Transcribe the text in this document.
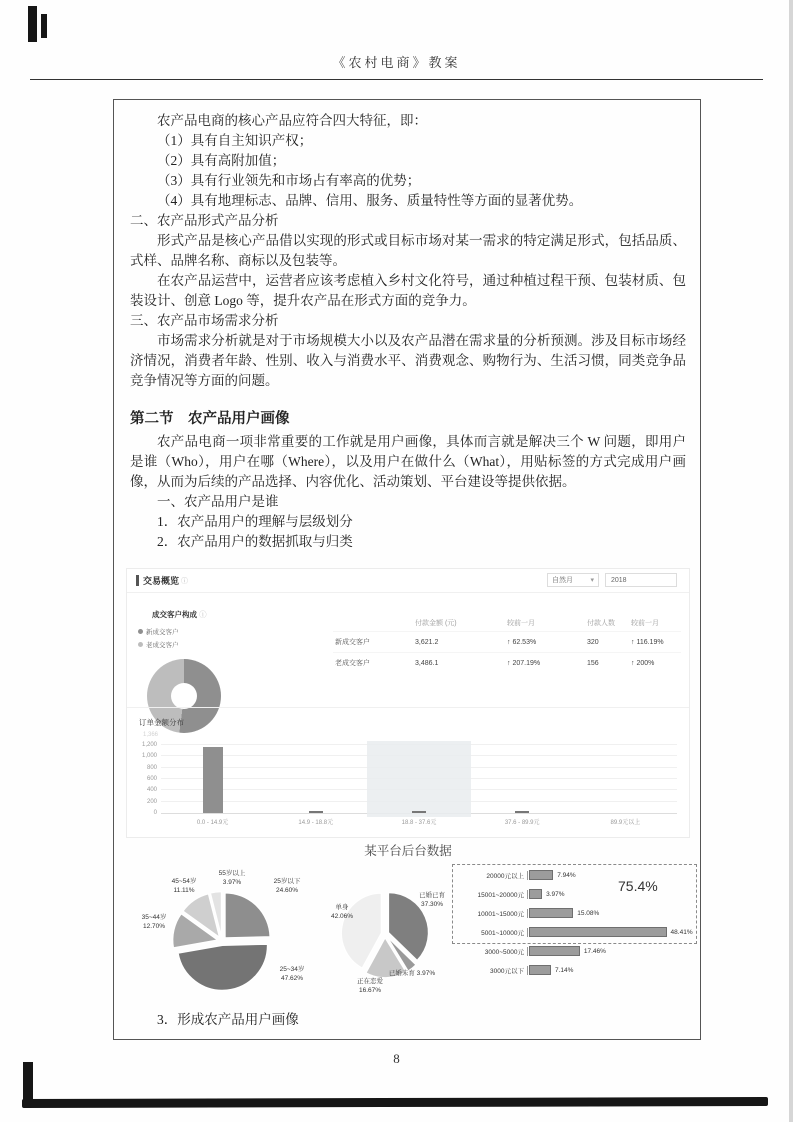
《农村电商》教案

农产品电商的核心产品应符合四大特征，即：

（1）具有自主知识产权；

（2）具有高附加值；

（3）具有行业领先和市场占有率高的优势；

（4）具有地理标志、品牌、信用、服务、质量特性等方面的显著优势。

二、农产品形式产品分析

形式产品是核心产品借以实现的形式或目标市场对某一需求的特定满足形式，包括品质、式样、品牌名称、商标以及包装等。

在农产品运营中，运营者应该考虑植入乡村文化符号，通过种植过程干预、包装材质、包装设计、创意 Logo 等，提升农产品在形式方面的竞争力。

三、农产品市场需求分析

市场需求分析就是对于市场规模大小以及农产品潜在需求量的分析预测。涉及目标市场经济情况，消费者年龄、性别、收入与消费水平、消费观念、购物行为、生活习惯，同类竞争品竞争情况等方面的问题。

第二节　农产品用户画像

农产品电商一项非常重要的工作就是用户画像，具体而言就是解决三个 W 问题，即用户是谁（Who），用户在哪（Where），以及用户在做什么（What），用贴标签的方式完成用户画像，从而为后续的产品选择、内容优化、活动策划、平台建设等提供依据。

一、农产品用户是谁

1．农产品用户的理解与层级划分

2．农产品用户的数据抓取与归类

交易概览 ⓘ	自然月 ▾	2018
成交客户构成 ⓘ
新成交客户
老成交客户
	付款金额 (元)	较前一月	付款人数	较前一月
新成交客户	3,621.2	↑ 62.53%	320	↑ 116.19%
老成交客户	3,486.1	↑ 207.19%	156	↑ 200%
订单金额分布
1,366
0
200
400
600
800
1,000
1,200
0.0 - 14.9元	14.9 - 18.8元	18.8 - 37.6元	37.6 - 89.9元	89.9元以上
某平台后台数据
75.4%
20000元以上	7.94%
15001~20000元	3.97%
10001~15000元	15.08%
5001~10000元	48.41%
3000~5000元	17.46%
3000元以下	7.14%
55岁以上
3.97%
45~54岁
11.11%
25岁以下
24.60%
35~44岁
12.70%
25~34岁
47.62%
单身
42.06%
已婚已育
37.30%
已婚未育 3.97%
正在恋爱
16.67%

3．形成农产品用户画像

8
